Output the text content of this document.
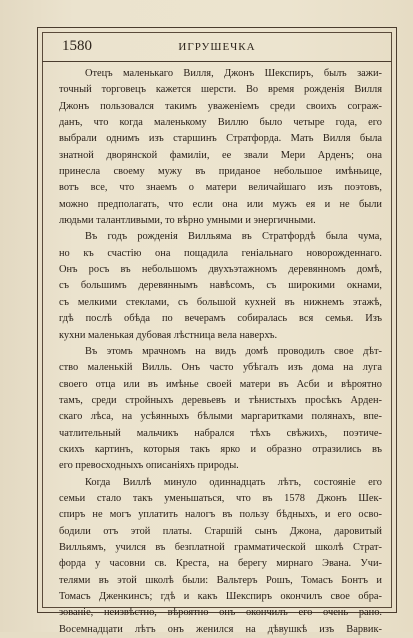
1580	ИГРУШЕЧКА
Отецъ маленькаго Вилля, Джонъ Шекспиръ, былъ зажи-
точный торговецъ кажется шерсти. Во время рожденія Вилля
Джонъ пользовался такимъ уваженіемъ среди своихъ сограж-
данъ, что когда маленькому Виллю было четыре года, его
выбрали однимъ изъ старшинъ Стратфорда. Мать Вилля была
знатной дворянской фамиліи, ее звали Мери Арденъ; она
принесла своему мужу въ приданое небольшое имѣньице,
вотъ все, что знаемъ о матери величайшаго изъ поэтовъ,
можно предполагать, что если она или мужъ ея и не были
людьми талантливыми, то вѣрно умными и энергичными.
Въ годъ рожденія Вилльяма въ Стратфордѣ была чума,
но къ счастію она пощадила геніальнаго новорожденнаго.
Онъ росъ въ небольшомъ двухъэтажномъ деревянномъ домѣ,
съ большимъ деревяннымъ навѣсомъ, съ широкими окнами,
съ мелкими стеклами, съ большой кухней въ нижнемъ этажѣ,
гдѣ послѣ обѣда по вечерамъ собиралась вся семья. Изъ
кухни маленькая дубовая лѣстница вела наверхъ.
Въ этомъ мрачномъ на видъ домѣ проводилъ свое дѣт-
ство маленькій Вилль. Онъ часто убѣгалъ изъ дома на луга
своего отца или въ имѣнье своей матери въ Асби и вѣроятно
тамъ, среди стройныхъ деревьевъ и тѣнистыхъ просѣкъ Арден-
скаго лѣса, на усѣянныхъ бѣлыми маргаритками полянахъ, впе-
чатлительный мальчикъ набрался тѣхъ свѣжихъ, поэтиче-
скихъ картинъ, которыя такъ ярко и образно отразились въ
его превосходныхъ описаніяхъ природы.
Когда Виллѣ минуло одиннадцать лѣтъ, состояніе его
семьи стало такъ уменьшаться, что въ 1578 Джонъ Шек-
спиръ не могъ уплатить налогъ въ пользу бѣдныхъ, и его осво-
бодили отъ этой платы. Старшій сынъ Джона, даровитый
Вилльямъ, учился въ безплатной грамматической школѣ Страт-
форда у часовни св. Креста, на берегу мирнаго Эвана. Учи-
телями въ этой школѣ были: Вальтеръ Рошъ, Томасъ Бонтъ и
Томасъ Дженкинсъ; гдѣ и какъ Шекспиръ окончилъ свое обра-
зованіе, неизвѣстно, вѣроятно онъ окончилъ его очень рано.
Восемнадцати лѣтъ онъ женился на дѣвушкѣ изъ Варвик-
